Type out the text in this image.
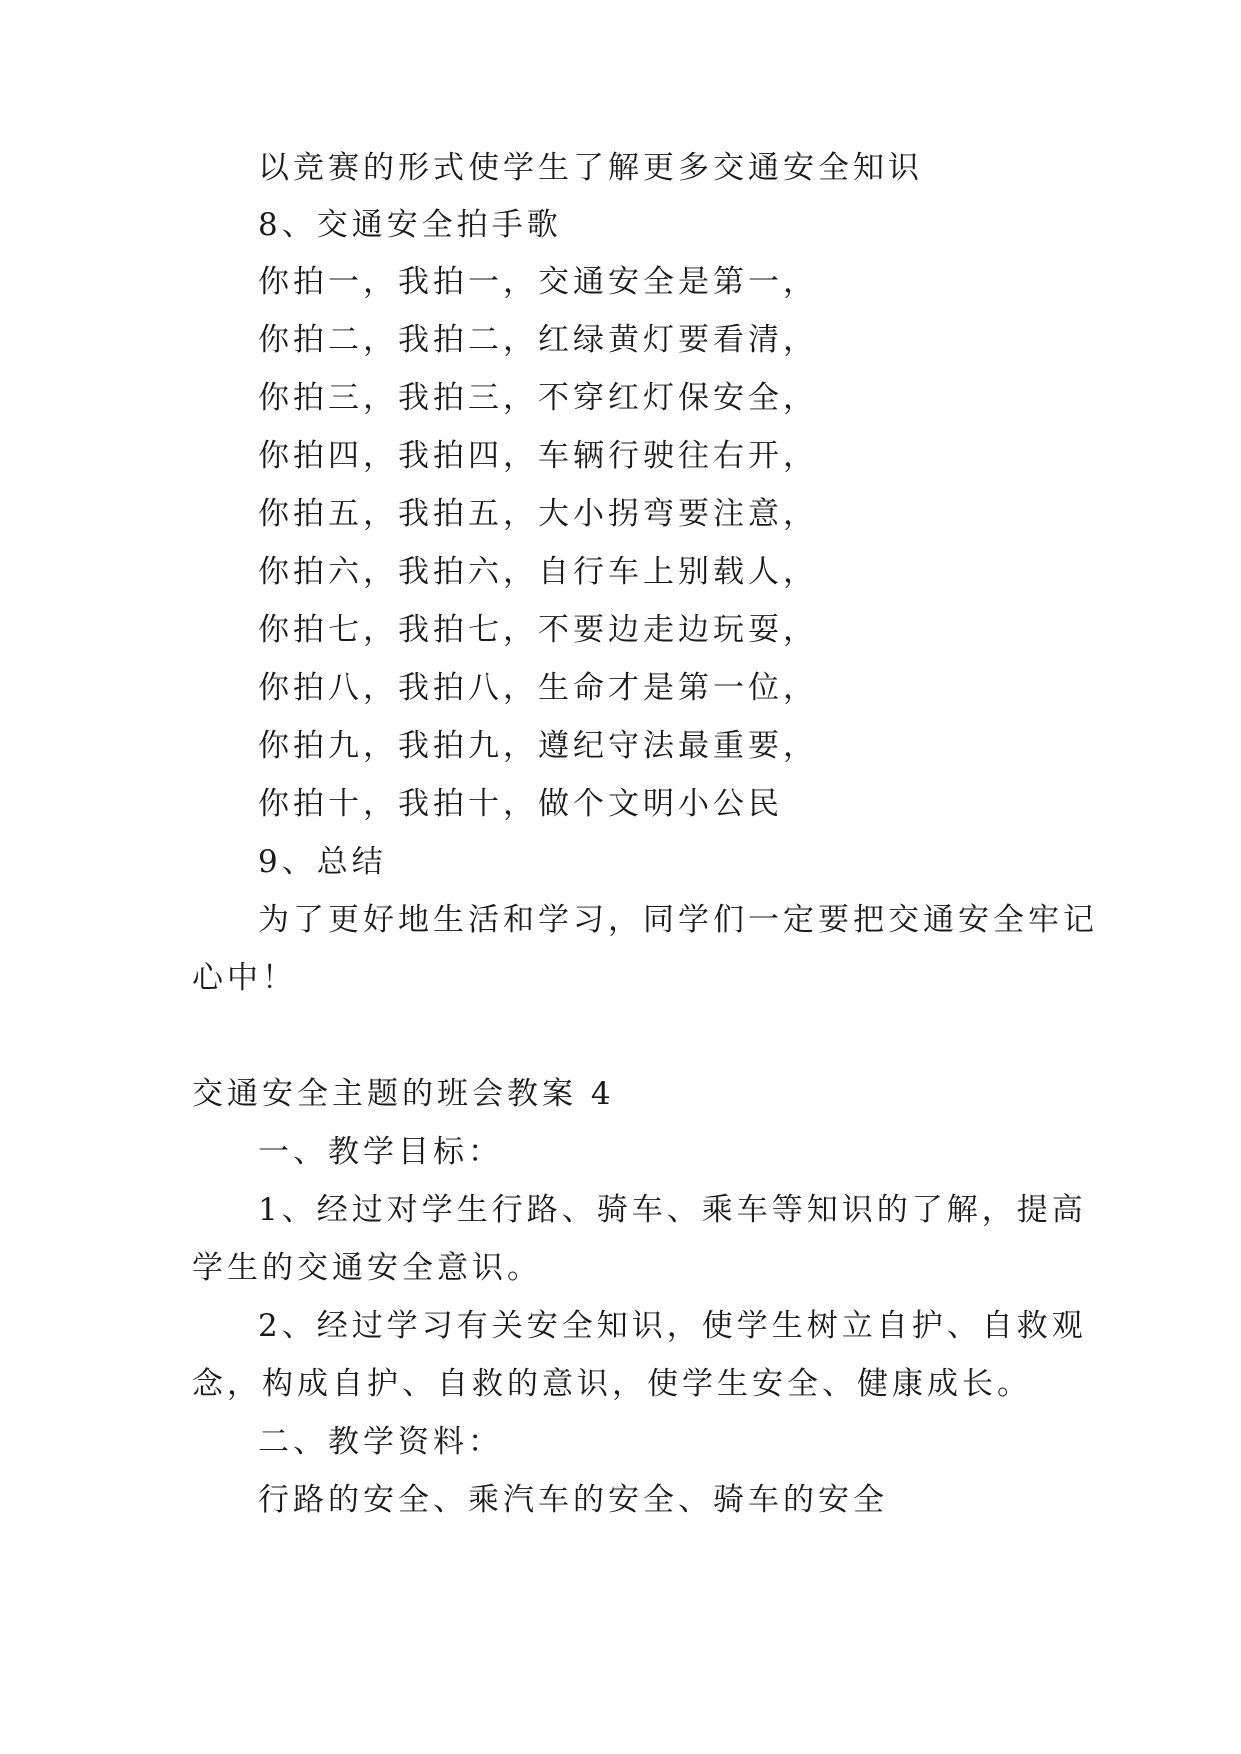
以竞赛的形式使学生了解更多交通安全知识
8、交通安全拍手歌
你拍一，我拍一，交通安全是第一，
你拍二，我拍二，红绿黄灯要看清，
你拍三，我拍三，不穿红灯保安全，
你拍四，我拍四，车辆行驶往右开，
你拍五，我拍五，大小拐弯要注意，
你拍六，我拍六，自行车上别载人，
你拍七，我拍七，不要边走边玩耍，
你拍八，我拍八，生命才是第一位，
你拍九，我拍九，遵纪守法最重要，
你拍十，我拍十，做个文明小公民
9、总结
为了更好地生活和学习，同学们一定要把交通安全牢记
心中！
交通安全主题的班会教案 4
一、教学目标：
1、经过对学生行路、骑车、乘车等知识的了解，提高
学生的交通安全意识。
2、经过学习有关安全知识，使学生树立自护、自救观
念，构成自护、自救的意识，使学生安全、健康成长。
二、教学资料：
行路的安全、乘汽车的安全、骑车的安全
